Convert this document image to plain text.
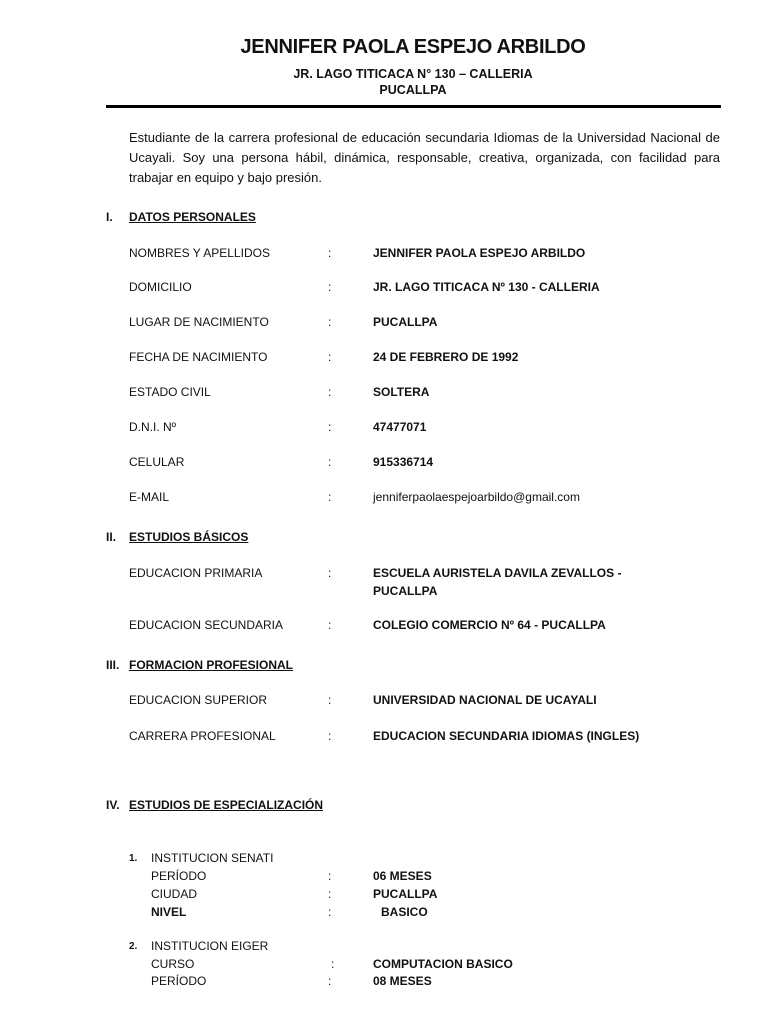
JENNIFER PAOLA ESPEJO ARBILDO
JR. LAGO TITICACA N° 130 – CALLERIA
PUCALLPA
Estudiante de la carrera profesional de educación secundaria Idiomas de la Universidad Nacional de Ucayali. Soy una persona hábil, dinámica, responsable, creativa, organizada, con facilidad para trabajar en equipo y bajo presión.
I. DATOS PERSONALES
NOMBRES Y APELLIDOS	:	JENNIFER PAOLA ESPEJO ARBILDO
DOMICILIO	:	JR. LAGO TITICACA Nº 130 - CALLERIA
LUGAR DE NACIMIENTO	:	PUCALLPA
FECHA DE NACIMIENTO	:	24 DE FEBRERO DE 1992
ESTADO CIVIL	:	SOLTERA
D.N.I. Nº	:	47477071
CELULAR	:	915336714
E-MAIL	:	jenniferpaolaespejoarbildo@gmail.com
II. ESTUDIOS BÁSICOS
EDUCACION PRIMARIA	:	ESCUELA AURISTELA DAVILA ZEVALLOS - PUCALLPA
EDUCACION SECUNDARIA	:	COLEGIO COMERCIO Nº 64 - PUCALLPA
III. FORMACION PROFESIONAL
EDUCACION SUPERIOR	:	UNIVERSIDAD NACIONAL DE UCAYALI
CARRERA PROFESIONAL	:	EDUCACION SECUNDARIA IDIOMAS (INGLES)
IV. ESTUDIOS DE ESPECIALIZACIÓN
1. INSTITUCION SENATI
PERÍODO	:	06 MESES
CIUDAD	:	PUCALLPA
NIVEL	:	BASICO
2. INSTITUCION EIGER
CURSO	:	COMPUTACION BASICO
PERÍODO	:	08 MESES
